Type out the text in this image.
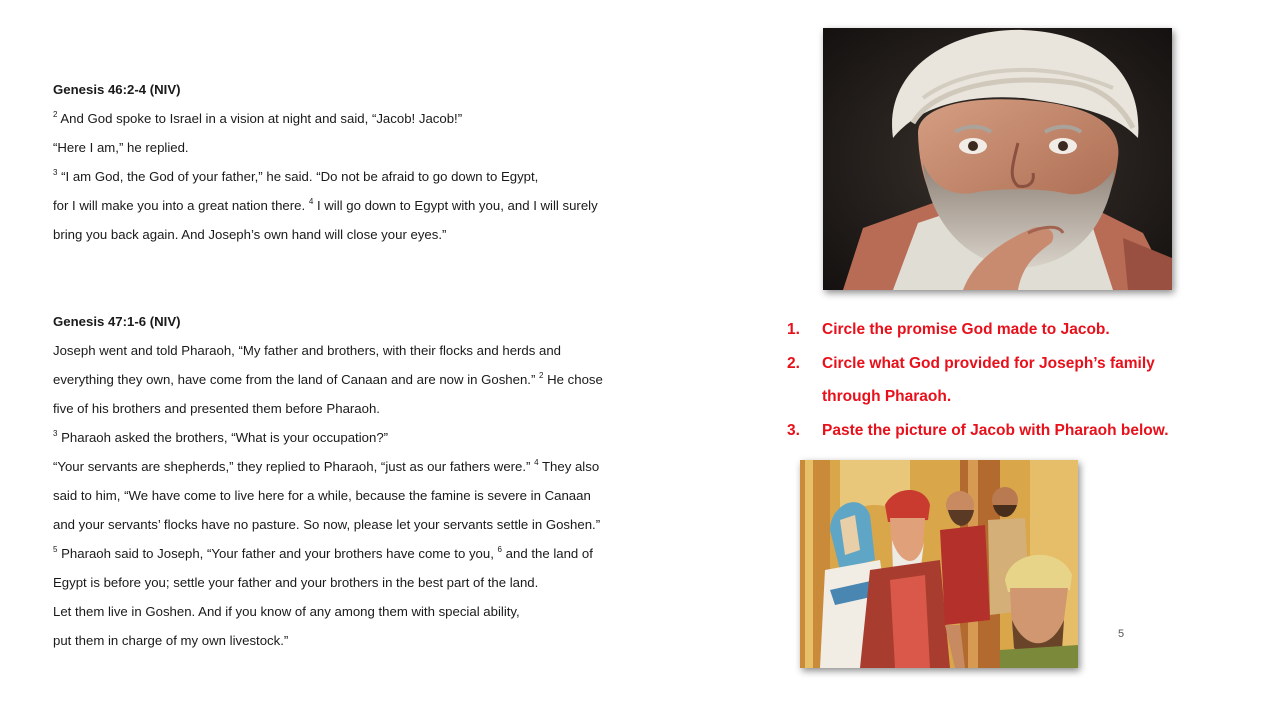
Genesis 46:2-4 (NIV)
$^2$ And God spoke to Israel in a vision at night and said, “Jacob! Jacob!”
“Here I am,” he replied.
$^3$ “I am God, the God of your father,” he said. “Do not be afraid to go down to Egypt,
for I will make you into a great nation there. $^4$ I will go down to Egypt with you, and I will surely
bring you back again. And Joseph’s own hand will close your eyes.”
Genesis 47:1-6 (NIV)
Joseph went and told Pharaoh, “My father and brothers, with their flocks and herds and
everything they own, have come from the land of Canaan and are now in Goshen.” $^2$ He chose
five of his brothers and presented them before Pharaoh.
$^3$ Pharaoh asked the brothers, “What is your occupation?”
“Your servants are shepherds,” they replied to Pharaoh, “just as our fathers were.” $^4$ They also
said to him, “We have come to live here for a while, because the famine is severe in Canaan
and your servants’ flocks have no pasture. So now, please let your servants settle in Goshen.”
$^5$ Pharaoh said to Joseph, “Your father and your brothers have come to you, $^6$ and the land of
Egypt is before you; settle your father and your brothers in the best part of the land.
Let them live in Goshen. And if you know of any among them with special ability,
put them in charge of my own livestock.”
1. Circle the promise God made to Jacob.
2. Circle what God provided for Joseph’s family through Pharaoh.
3. Paste the picture of Jacob with Pharaoh below.
5
